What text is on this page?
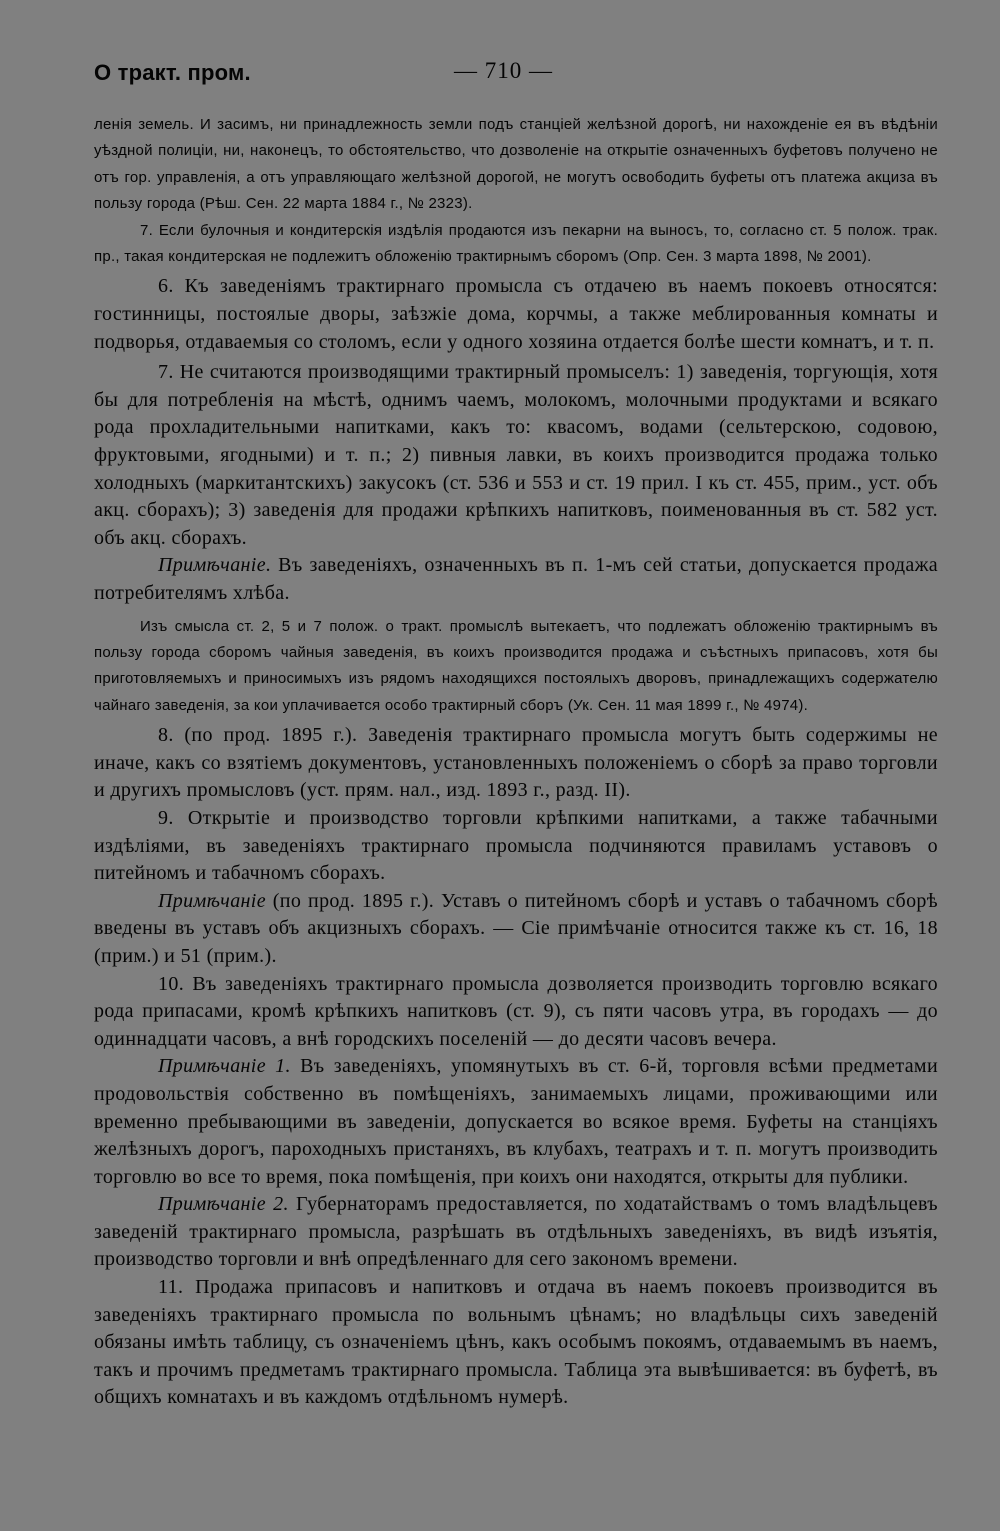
О тракт. пром.	— 710 —

ленія земель. И засимъ, ни принадлежность земли подъ станціей желѣзной дорогѣ, ни нахожденіе ея въ вѣдѣніи уѣздной полиціи, ни, наконецъ, то обстоятельство, что дозволеніе на открытіе означенныхъ буфетовъ получено не отъ гор. управленія, а отъ управляющаго желѣзной дорогой, не могутъ освободить буфеты отъ платежа акциза въ пользу города (Рѣш. Сен. 22 марта 1884 г., № 2323).

7. Если булочныя и кондитерскія издѣлія продаются изъ пекарни на выносъ, то, согласно ст. 5 полож. трак. пр., такая кондитерская не подлежитъ обложенію трактирнымъ сборомъ (Опр. Сен. 3 марта 1898, № 2001).

6. Къ заведеніямъ трактирнаго промысла съ отдачею въ наемъ покоевъ относятся: гостинницы, постоялые дворы, заѣзжіе дома, корчмы, а также меблированныя комнаты и подворья, отдаваемыя со столомъ, если у одного хозяина отдается болѣе шести комнатъ, и т. п.

7. Не считаются производящими трактирный промыселъ: 1) заведенія, торгующія, хотя бы для потребленія на мѣстѣ, однимъ чаемъ, молокомъ, молочными продуктами и всякаго рода прохладительными напитками, какъ то: квасомъ, водами (сельтерскою, содовою, фруктовыми, ягодными) и т. п.; 2) пивныя лавки, въ коихъ производится продажа только холодныхъ (маркитантскихъ) закусокъ (ст. 536 и 553 и ст. 19 прил. I къ ст. 455, прим., уст. объ акц. сборахъ); 3) заведенія для продажи крѣпкихъ напитковъ, поименованныя въ ст. 582 уст. объ акц. сборахъ.

Примѣчаніе. Въ заведеніяхъ, означенныхъ въ п. 1-мъ сей статьи, допускается продажа потребителямъ хлѣба.

Изъ смысла ст. 2, 5 и 7 полож. о тракт. промыслѣ вытекаетъ, что подлежатъ обложенію трактирнымъ въ пользу города сборомъ чайныя заведенія, въ коихъ производится продажа и съѣстныхъ припасовъ, хотя бы приготовляемыхъ и приносимыхъ изъ рядомъ находящихся постоялыхъ дворовъ, принадлежащихъ содержателю чайнаго заведенія, за кои уплачивается особо трактирный сборъ (Ук. Сен. 11 мая 1899 г., № 4974).

8. (по прод. 1895 г.). Заведенія трактирнаго промысла могутъ быть содержимы не иначе, какъ со взятіемъ документовъ, установленныхъ положеніемъ о сборѣ за право торговли и другихъ промысловъ (уст. прям. нал., изд. 1893 г., разд. II).

9. Открытіе и производство торговли крѣпкими напитками, а также табачными издѣліями, въ заведеніяхъ трактирнаго промысла подчиняются правиламъ уставовъ о питейномъ и табачномъ сборахъ.

Примѣчаніе (по прод. 1895 г.). Уставъ о питейномъ сборѣ и уставъ о табачномъ сборѣ введены въ уставъ объ акцизныхъ сборахъ. — Сіе примѣчаніе относится также къ ст. 16, 18 (прим.) и 51 (прим.).

10. Въ заведеніяхъ трактирнаго промысла дозволяется производить торговлю всякаго рода припасами, кромѣ крѣпкихъ напитковъ (ст. 9), съ пяти часовъ утра, въ городахъ — до одиннадцати часовъ, а внѣ городскихъ поселеній — до десяти часовъ вечера.

Примѣчаніе 1. Въ заведеніяхъ, упомянутыхъ въ ст. 6-й, торговля всѣми предметами продовольствія собственно въ помѣщеніяхъ, занимаемыхъ лицами, проживающими или временно пребывающими въ заведеніи, допускается во всякое время. Буфеты на станціяхъ желѣзныхъ дорогъ, пароходныхъ пристаняхъ, въ клубахъ, театрахъ и т. п. могутъ производить торговлю во все то время, пока помѣщенія, при коихъ они находятся, открыты для публики.

Примѣчаніе 2. Губернаторамъ предоставляется, по ходатайствамъ о томъ владѣльцевъ заведеній трактирнаго промысла, разрѣшать въ отдѣльныхъ заведеніяхъ, въ видѣ изъятія, производство торговли и внѣ опредѣленнаго для сего закономъ времени.

11. Продажа припасовъ и напитковъ и отдача въ наемъ покоевъ производится въ заведеніяхъ трактирнаго промысла по вольнымъ цѣнамъ; но владѣльцы сихъ заведеній обязаны имѣть таблицу, съ означеніемъ цѣнъ, какъ особымъ покоямъ, отдаваемымъ въ наемъ, такъ и прочимъ предметамъ трактирнаго промысла. Таблица эта вывѣшивается: въ буфетѣ, въ общихъ комнатахъ и въ каждомъ отдѣльномъ нумерѣ.
